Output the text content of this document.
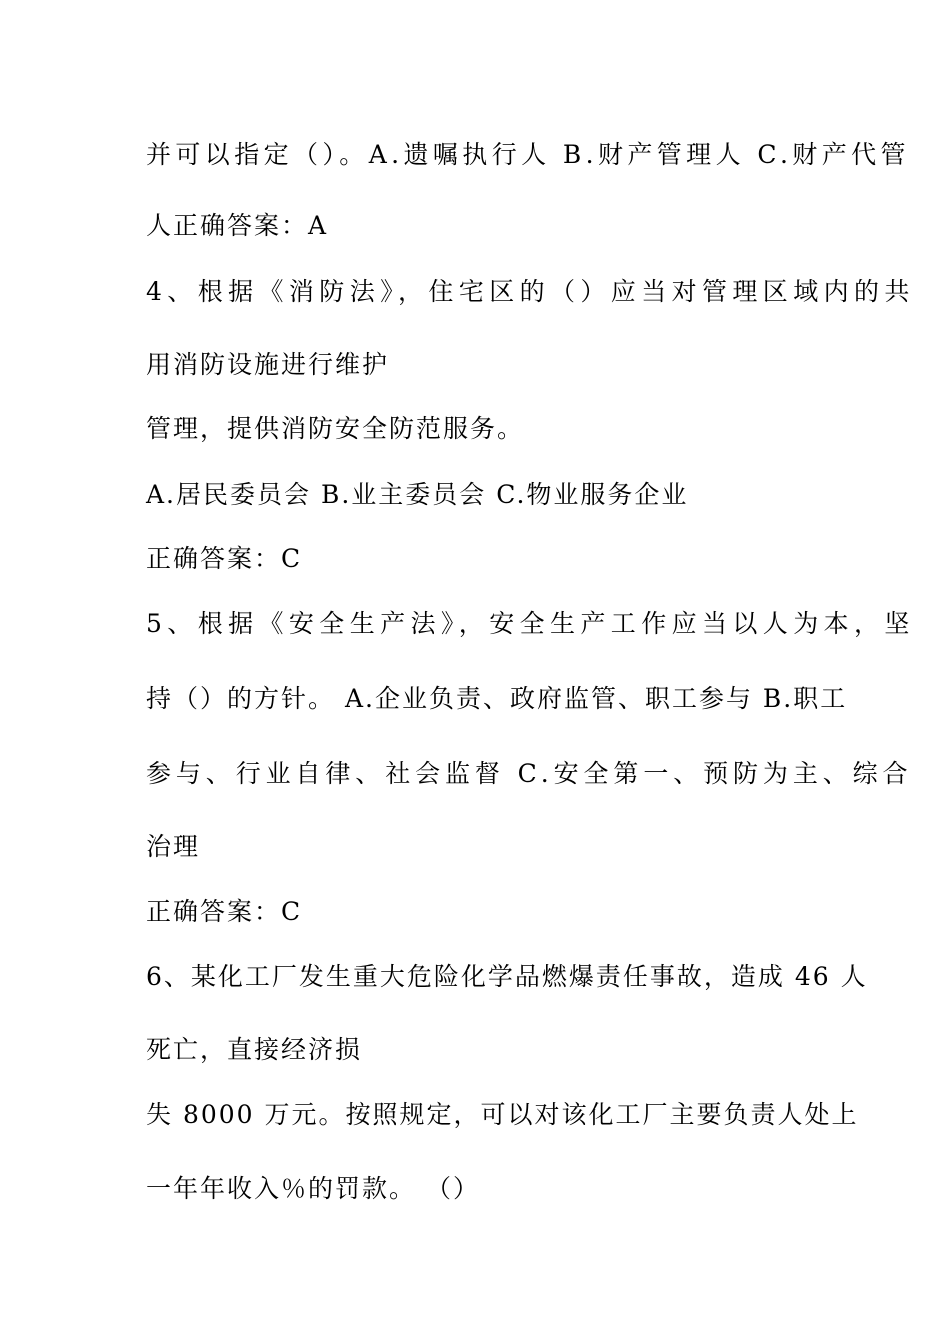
并可以指定（）。A.遗嘱执行人 B.财产管理人 C.财产代管
人正确答案：A
4、根据《消防法》，住宅区的（）应当对管理区域内的共
用消防设施进行维护
管理，提供消防安全防范服务。
A.居民委员会 B.业主委员会 C.物业服务企业
正确答案：C
5、根据《安全生产法》，安全生产工作应当以人为本，坚
持（）的方针。 A.企业负责、政府监管、职工参与 B.职工
参与、行业自律、社会监督 C.安全第一、预防为主、综合
治理
正确答案：C
6、某化工厂发生重大危险化学品燃爆责任事故，造成 46 人
死亡，直接经济损
失 8000 万元。按照规定，可以对该化工厂主要负责人处上
一年年收入％的罚款。 （）
